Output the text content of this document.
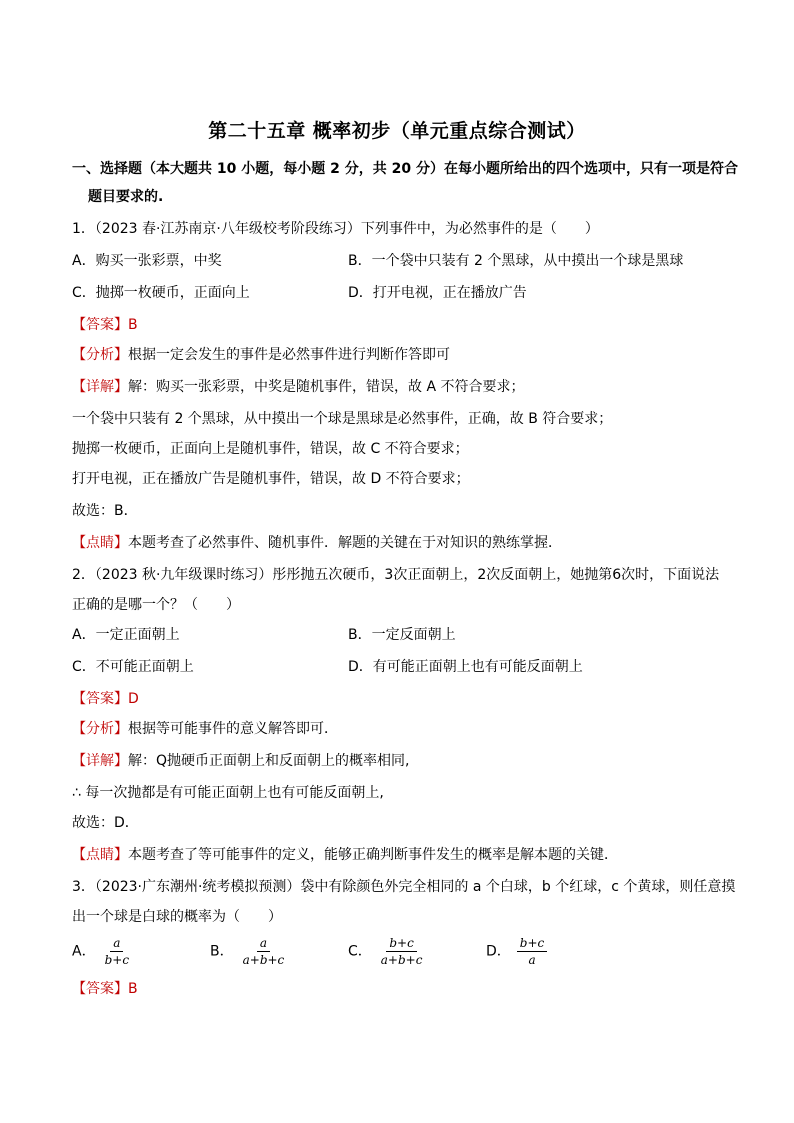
第二十五章 概率初步（单元重点综合测试）
一、选择题（本大题共 10 小题，每小题 2 分，共 20 分）在每小题所给出的四个选项中，只有一项是符合
题目要求的.
1．（2023 春·江苏南京·八年级校考阶段练习）下列事件中，为必然事件的是（　　）
A．购买一张彩票，中奖	B．一个袋中只装有 2 个黑球，从中摸出一个球是黑球
C．抛掷一枚硬币，正面向上	D．打开电视，正在播放广告
【答案】B
【分析】根据一定会发生的事件是必然事件进行判断作答即可
【详解】解：购买一张彩票，中奖是随机事件，错误，故 A 不符合要求；
一个袋中只装有 2 个黑球，从中摸出一个球是黑球是必然事件，正确，故 B 符合要求；
抛掷一枚硬币，正面向上是随机事件，错误，故 C 不符合要求；
打开电视，正在播放广告是随机事件，错误，故 D 不符合要求；
故选：B．
【点睛】本题考查了必然事件、随机事件．解题的关键在于对知识的熟练掌握．
2．（2023 秋·九年级课时练习）彤彤抛五次硬币，3次正面朝上，2次反面朝上，她抛第6次时，下面说法
正确的是哪一个？（　　）
A．一定正面朝上	B．一定反面朝上
C．不可能正面朝上	D．有可能正面朝上也有可能反面朝上
【答案】D
【分析】根据等可能事件的意义解答即可．
【详解】解：Q抛硬币正面朝上和反面朝上的概率相同,
∴ 每一次抛都是有可能正面朝上也有可能反面朝上,
故选：D．
【点睛】本题考查了等可能事件的定义，能够正确判断事件发生的概率是解本题的关键．
3．（2023·广东潮州·统考模拟预测）袋中有除颜色外完全相同的 a 个白球，b 个红球，c 个黄球，则任意摸
出一个球是白球的概率为（　　）
A． $\frac{a}{b+c}$	B． $\frac{a}{a+b+c}$	C． $\frac{b+c}{a+b+c}$	D． $\frac{b+c}{a}$
【答案】B
